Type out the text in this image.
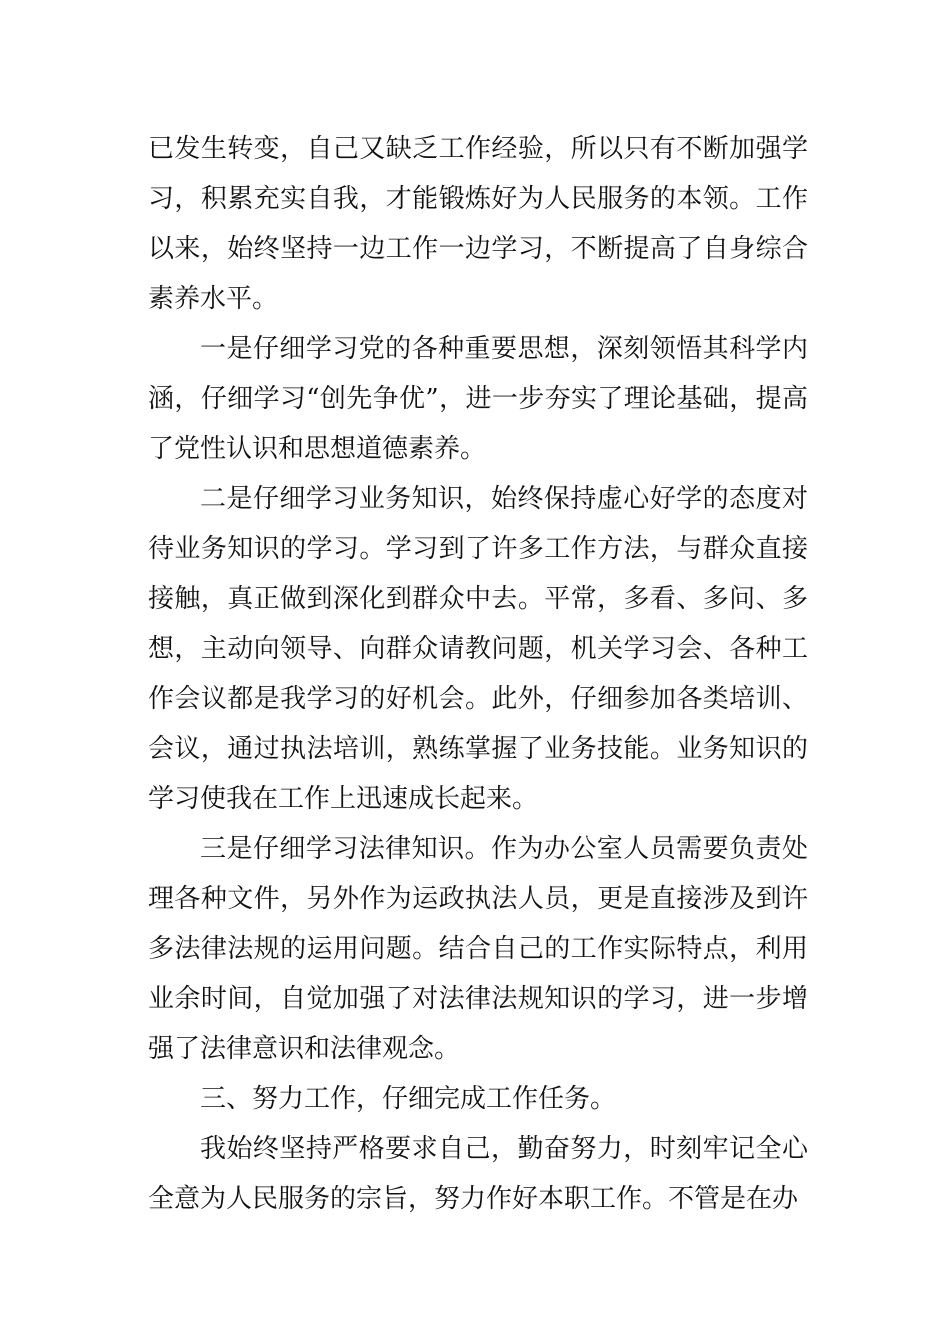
已发生转变，自己又缺乏工作经验，所以只有不断加强学习，积累充实自我，才能锻炼好为人民服务的本领。工作以来，始终坚持一边工作一边学习，不断提高了自身综合素养水平。

一是仔细学习党的各种重要思想，深刻领悟其科学内涵，仔细学习“创先争优”，进一步夯实了理论基础，提高了党性认识和思想道德素养。

二是仔细学习业务知识，始终保持虚心好学的态度对待业务知识的学习。学习到了许多工作方法，与群众直接接触，真正做到深化到群众中去。平常，多看、多问、多想，主动向领导、向群众请教问题，机关学习会、各种工作会议都是我学习的好机会。此外，仔细参加各类培训、会议，通过执法培训，熟练掌握了业务技能。业务知识的学习使我在工作上迅速成长起来。

三是仔细学习法律知识。作为办公室人员需要负责处理各种文件，另外作为运政执法人员，更是直接涉及到许多法律法规的运用问题。结合自己的工作实际特点，利用业余时间，自觉加强了对法律法规知识的学习，进一步增强了法律意识和法律观念。

三、努力工作，仔细完成工作任务。

我始终坚持严格要求自己，勤奋努力，时刻牢记全心全意为人民服务的宗旨，努力作好本职工作。不管是在办
